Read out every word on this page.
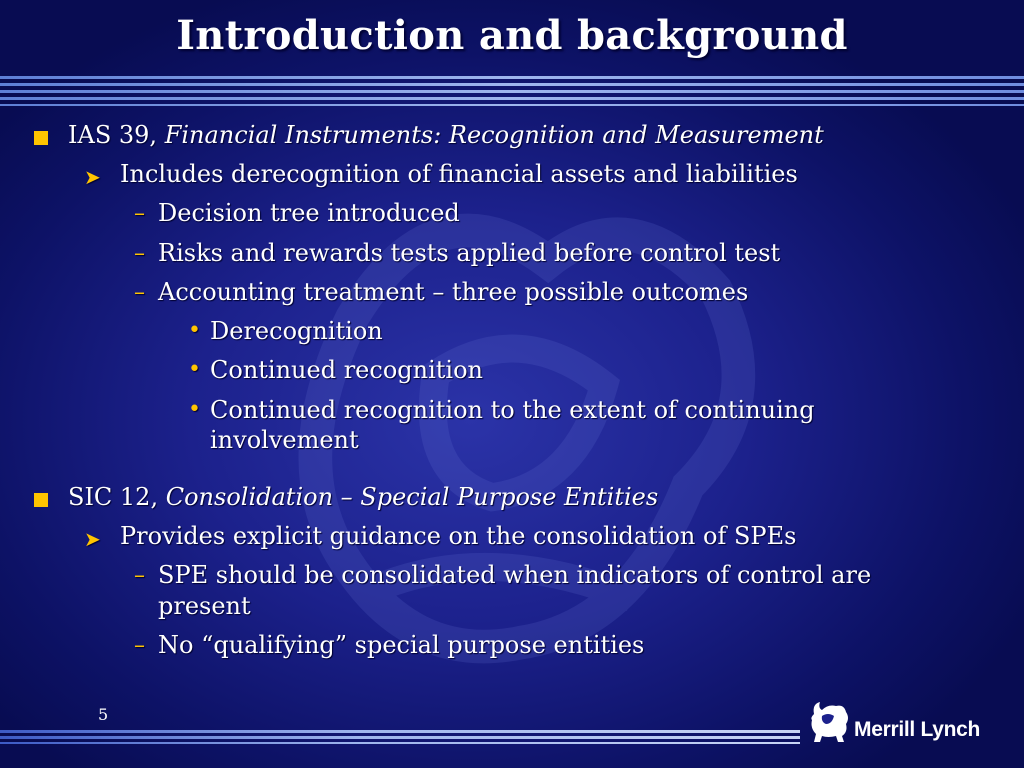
Introduction and background
IAS 39, Financial Instruments: Recognition and Measurement
➤ Includes derecognition of financial assets and liabilities
– Decision tree introduced
– Risks and rewards tests applied before control test
– Accounting treatment – three possible outcomes
• Derecognition
• Continued recognition
• Continued recognition to the extent of continuing
involvement
SIC 12, Consolidation – Special Purpose Entities
➤ Provides explicit guidance on the consolidation of SPEs
– SPE should be consolidated when indicators of control are
present
– No “qualifying” special purpose entities
5
Merrill Lynch
